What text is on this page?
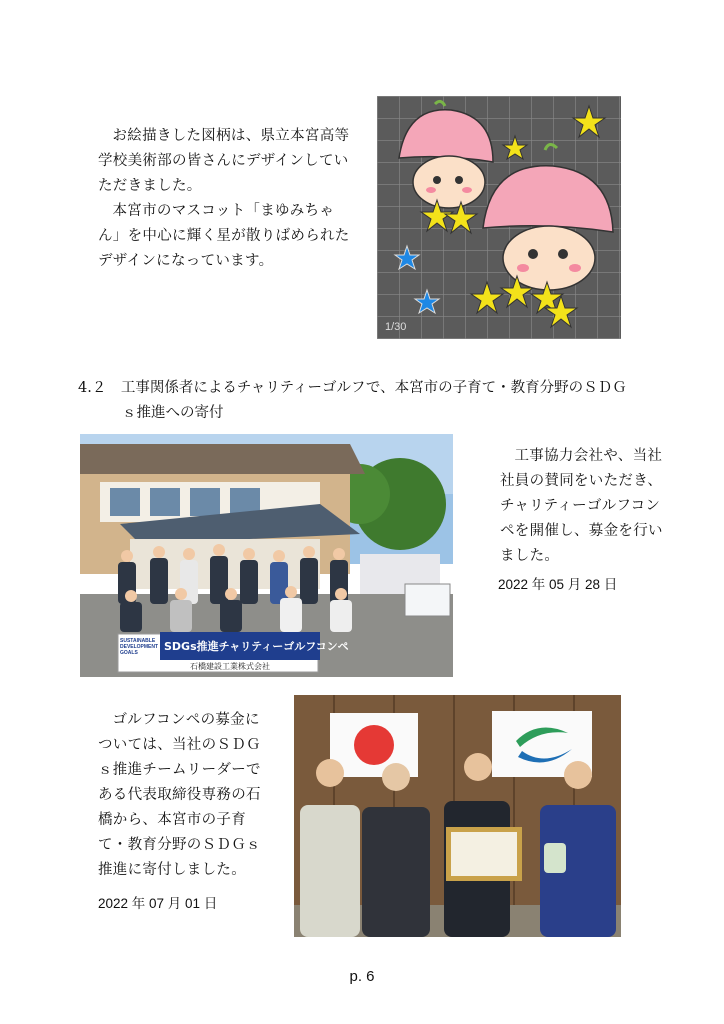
お絵描きした図柄は、県立本宮高等学校美術部の皆さんにデザインしていただきました。

本宮市のマスコット「まゆみちゃん」を中心に輝く星が散りばめられたデザインになっています。

1/30
4.２　工事関係者によるチャリティーゴルフで、本宮市の子育て・教育分野のＳＤＧ
ｓ推進への寄付
SUSTAINABLE DEVELOPMENT GOALS	SDGs推進チャリティーゴルフコンペ
石橋建設工業株式会社

工事協力会社や、当社社員の賛同をいただき、チャリティーゴルフコンペを開催し、募金を行いました。

2022 年 05 月 28 日

ゴルフコンペの募金については、当社のＳＤＧｓ推進チームリーダーである代表取締役専務の石橋から、本宮市の子育て・教育分野のＳＤＧｓ推進に寄付しました。

2022 年 07 月 01 日
p. 6
